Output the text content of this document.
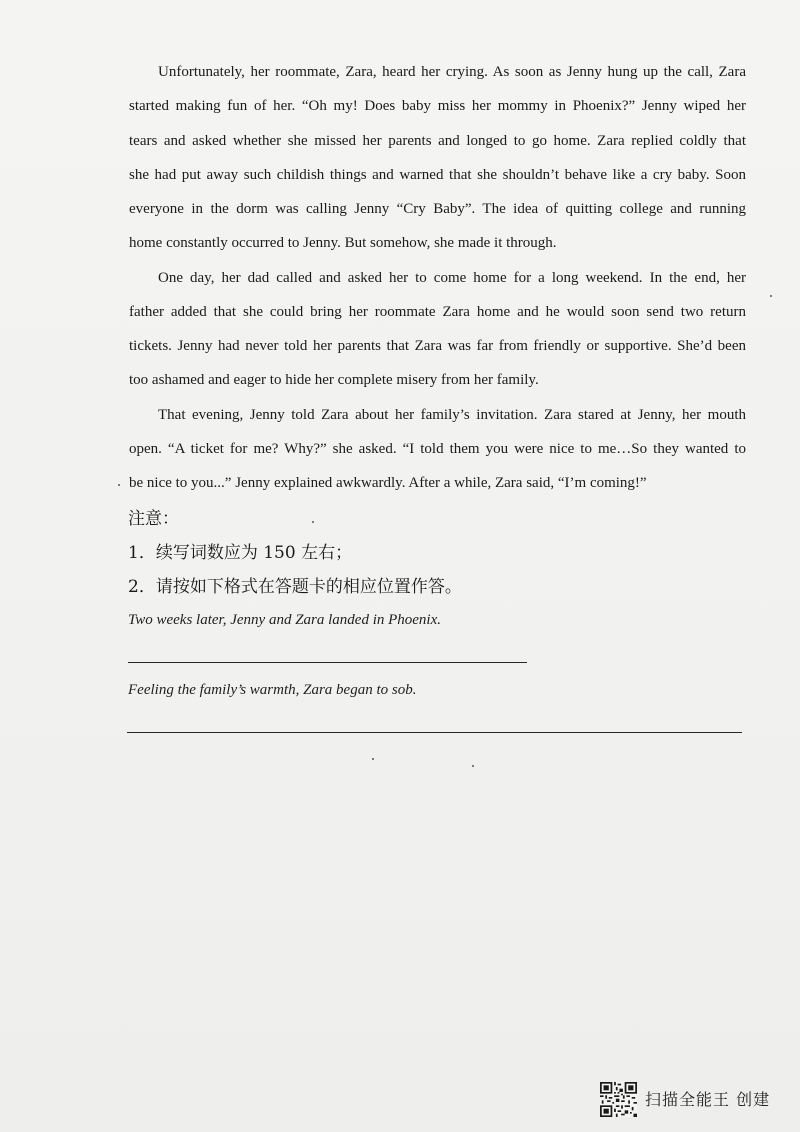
Unfortunately, her roommate, Zara, heard her crying. As soon as Jenny hung up the call, Zara
started making fun of her. “Oh my! Does baby miss her mommy in Phoenix?” Jenny wiped her
tears and asked whether she missed her parents and longed to go home. Zara replied coldly that
she had put away such childish things and warned that she shouldn’t behave like a cry baby. Soon
everyone in the dorm was calling Jenny “Cry Baby”. The idea of quitting college and running
home constantly occurred to Jenny. But somehow, she made it through.
One day, her dad called and asked her to come home for a long weekend. In the end, her
father added that she could bring her roommate Zara home and he would soon send two return
tickets. Jenny had never told her parents that Zara was far from friendly or supportive. She’d been
too ashamed and eager to hide her complete misery from her family.
That evening, Jenny told Zara about her family’s invitation. Zara stared at Jenny, her mouth
open. “A ticket for me? Why?” she asked. “I told them you were nice to me…So they wanted to
be nice to you...” Jenny explained awkwardly. After a while, Zara said, “I’m coming!”
注意：
1．续写词数应为 150 左右；
2．请按如下格式在答题卡的相应位置作答。
Two weeks later, Jenny and Zara landed in Phoenix.
Feeling the family’s warmth, Zara began to sob.
扫描全能王 创建
